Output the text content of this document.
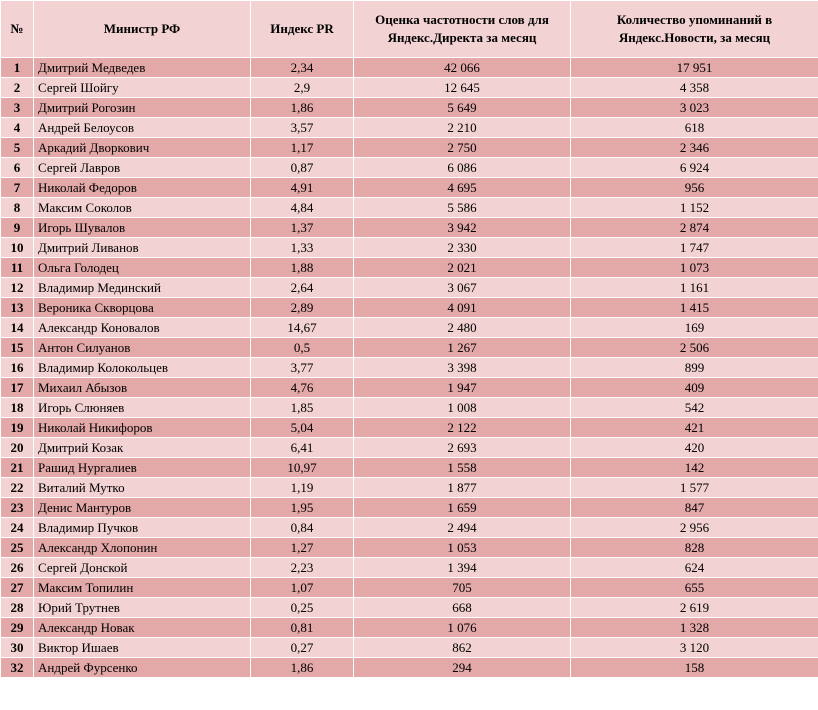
№	Министр РФ	Индекс PR	Оценка частотности слов для Яндекс.Директа за месяц	Количество упоминаний в Яндекс.Новости, за месяц
1	Дмитрий Медведев	2,34	42 066	17 951
2	Сергей Шойгу	2,9	12 645	4 358
3	Дмитрий Рогозин	1,86	5 649	3 023
4	Андрей Белоусов	3,57	2 210	618
5	Аркадий Дворкович	1,17	2 750	2 346
6	Сергей Лавров	0,87	6 086	6 924
7	Николай Федоров	4,91	4 695	956
8	Максим Соколов	4,84	5 586	1 152
9	Игорь Шувалов	1,37	3 942	2 874
10	Дмитрий Ливанов	1,33	2 330	1 747
11	Ольга Голодец	1,88	2 021	1 073
12	Владимир Мединский	2,64	3 067	1 161
13	Вероника Скворцова	2,89	4 091	1 415
14	Александр Коновалов	14,67	2 480	169
15	Антон Силуанов	0,5	1 267	2 506
16	Владимир Колокольцев	3,77	3 398	899
17	Михаил Абызов	4,76	1 947	409
18	Игорь Слюняев	1,85	1 008	542
19	Николай Никифоров	5,04	2 122	421
20	Дмитрий Козак	6,41	2 693	420
21	Рашид Нургалиев	10,97	1 558	142
22	Виталий Мутко	1,19	1 877	1 577
23	Денис Мантуров	1,95	1 659	847
24	Владимир Пучков	0,84	2 494	2 956
25	Александр Хлопонин	1,27	1 053	828
26	Сергей Донской	2,23	1 394	624
27	Максим Топилин	1,07	705	655
28	Юрий Трутнев	0,25	668	2 619
29	Александр Новак	0,81	1 076	1 328
30	Виктор Ишаев	0,27	862	3 120
32	Андрей Фурсенко	1,86	294	158
